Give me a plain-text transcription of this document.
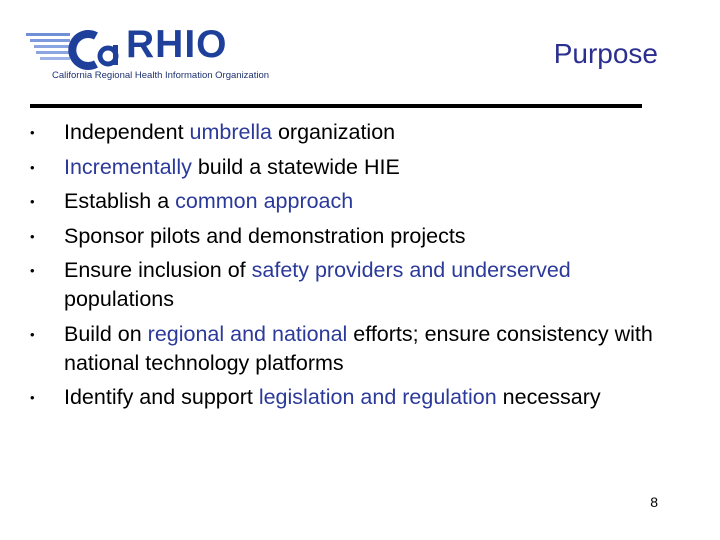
RHIO
California Regional Health Information Organization
Purpose
• Independent umbrella organization
• Incrementally build a statewide HIE
• Establish a common approach
• Sponsor pilots and demonstration projects
• Ensure inclusion of safety providers and underserved populations
• Build on regional and national efforts; ensure consistency with national technology platforms
• Identify and support legislation and regulation necessary
8
